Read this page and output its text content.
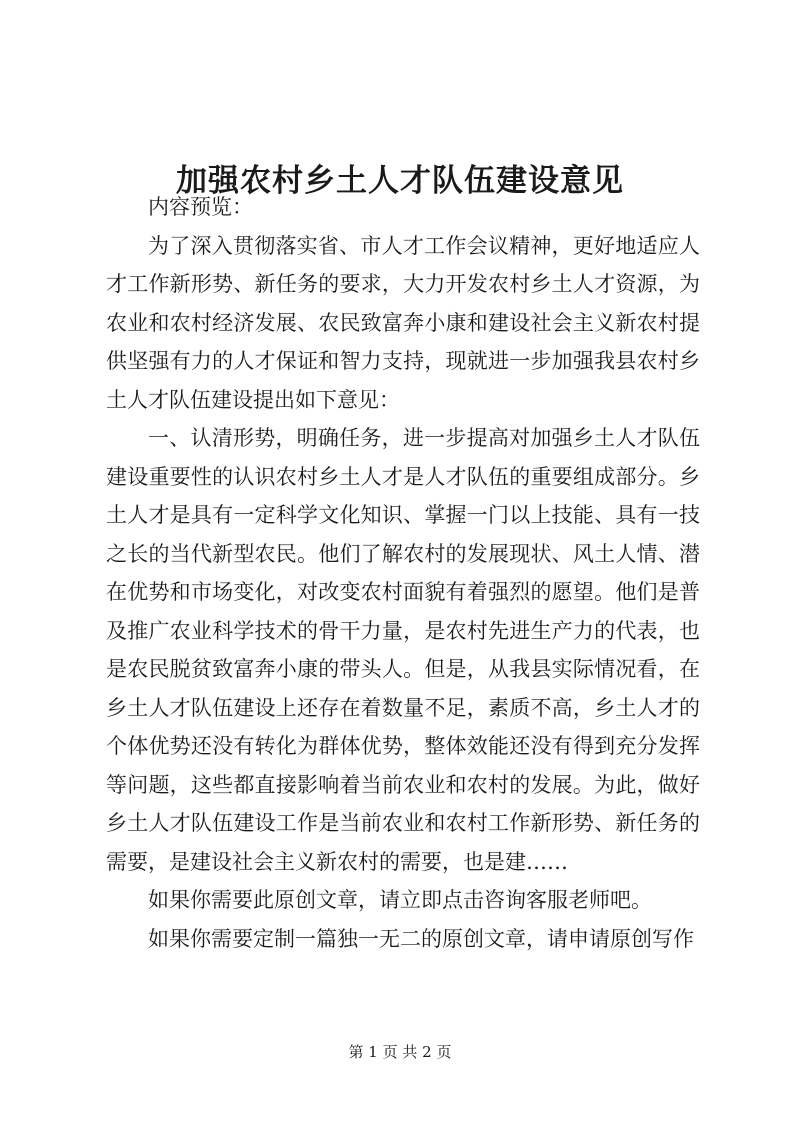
加强农村乡土人才队伍建设意见

内容预览：

为了深入贯彻落实省、市人才工作会议精神，更好地适应人才工作新形势、新任务的要求，大力开发农村乡土人才资源，为农业和农村经济发展、农民致富奔小康和建设社会主义新农村提供坚强有力的人才保证和智力支持，现就进一步加强我县农村乡土人才队伍建设提出如下意见：

一、认清形势，明确任务，进一步提高对加强乡土人才队伍建设重要性的认识农村乡土人才是人才队伍的重要组成部分。乡土人才是具有一定科学文化知识、掌握一门以上技能、具有一技之长的当代新型农民。他们了解农村的发展现状、风土人情、潜在优势和市场变化，对改变农村面貌有着强烈的愿望。他们是普及推广农业科学技术的骨干力量，是农村先进生产力的代表，也是农民脱贫致富奔小康的带头人。但是，从我县实际情况看，在乡土人才队伍建设上还存在着数量不足，素质不高，乡土人才的个体优势还没有转化为群体优势，整体效能还没有得到充分发挥等问题，这些都直接影响着当前农业和农村的发展。为此，做好乡土人才队伍建设工作是当前农业和农村工作新形势、新任务的需要，是建设社会主义新农村的需要，也是建……

如果你需要此原创文章，请立即点击咨询客服老师吧。

如果你需要定制一篇独一无二的原创文章，请申请原创写作

第 1 页 共 2 页
